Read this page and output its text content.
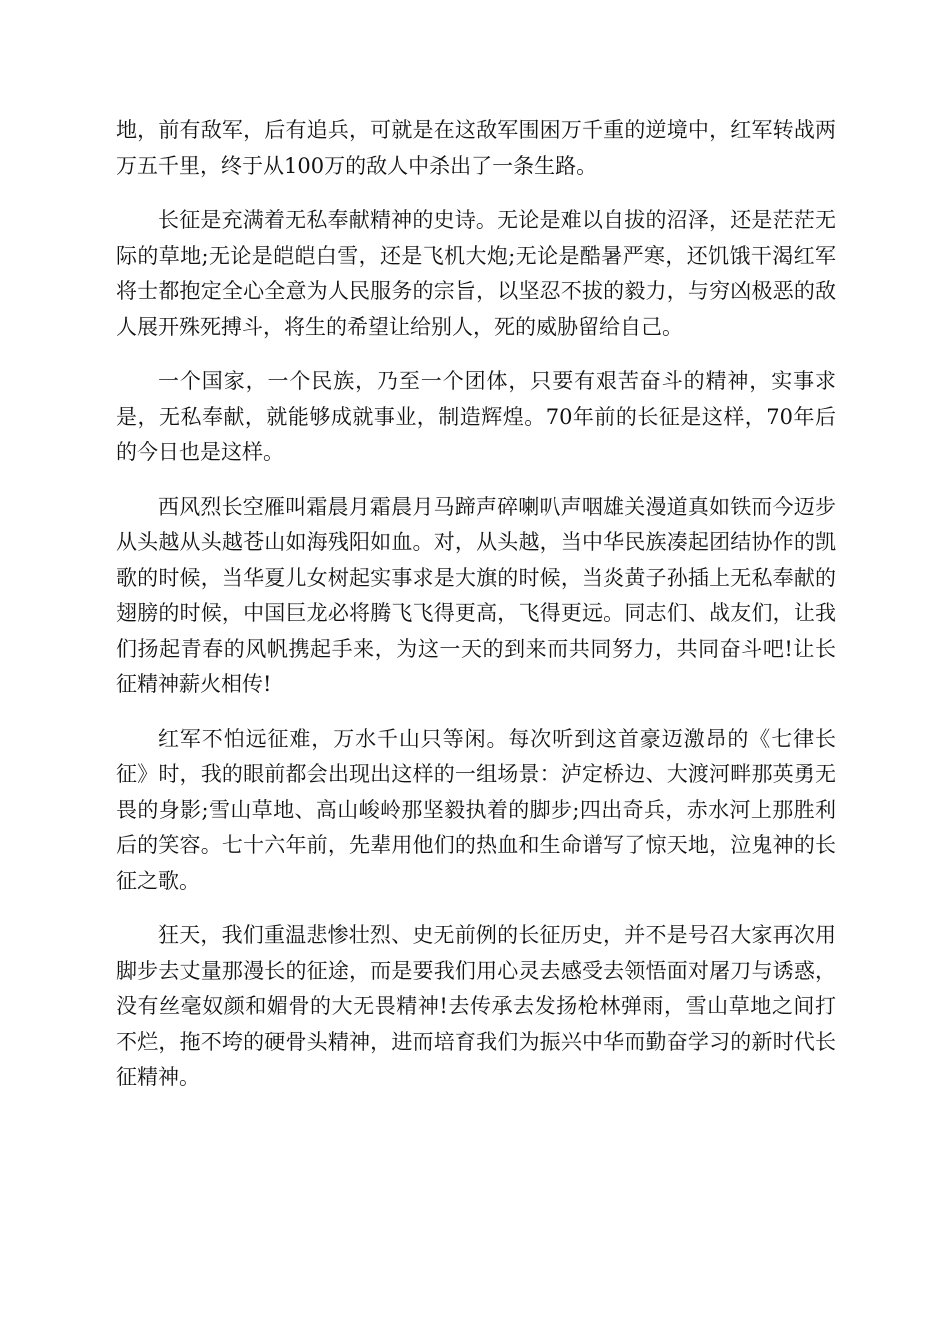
地，前有敌军，后有追兵，可就是在这敌军围困万千重的逆境中，红军转战两万五千里，终于从100万的敌人中杀出了一条生路。

长征是充满着无私奉献精神的史诗。无论是难以自拔的沼泽，还是茫茫无际的草地;无论是皑皑白雪，还是飞机大炮;无论是酷暑严寒，还饥饿干渴红军将士都抱定全心全意为人民服务的宗旨，以坚忍不拔的毅力，与穷凶极恶的敌人展开殊死搏斗，将生的希望让给别人，死的威胁留给自己。

一个国家，一个民族，乃至一个团体，只要有艰苦奋斗的精神，实事求是，无私奉献，就能够成就事业，制造辉煌。70年前的长征是这样，70年后的今日也是这样。

西风烈长空雁叫霜晨月霜晨月马蹄声碎喇叭声咽雄关漫道真如铁而今迈步从头越从头越苍山如海残阳如血。对，从头越，当中华民族凑起团结协作的凯歌的时候，当华夏儿女树起实事求是大旗的时候，当炎黄子孙插上无私奉献的翅膀的时候，中国巨龙必将腾飞飞得更高，飞得更远。同志们、战友们，让我们扬起青春的风帆携起手来，为这一天的到来而共同努力，共同奋斗吧!让长征精神薪火相传!

红军不怕远征难，万水千山只等闲。每次听到这首豪迈激昂的《七律长征》时，我的眼前都会出现出这样的一组场景：泸定桥边、大渡河畔那英勇无畏的身影;雪山草地、高山峻岭那坚毅执着的脚步;四出奇兵，赤水河上那胜利后的笑容。七十六年前，先辈用他们的热血和生命谱写了惊天地，泣鬼神的长征之歌。

狂天，我们重温悲惨壮烈、史无前例的长征历史，并不是号召大家再次用脚步去丈量那漫长的征途，而是要我们用心灵去感受去领悟面对屠刀与诱惑，没有丝毫奴颜和媚骨的大无畏精神!去传承去发扬枪林弹雨，雪山草地之间打不烂，拖不垮的硬骨头精神，进而培育我们为振兴中华而勤奋学习的新时代长征精神。
